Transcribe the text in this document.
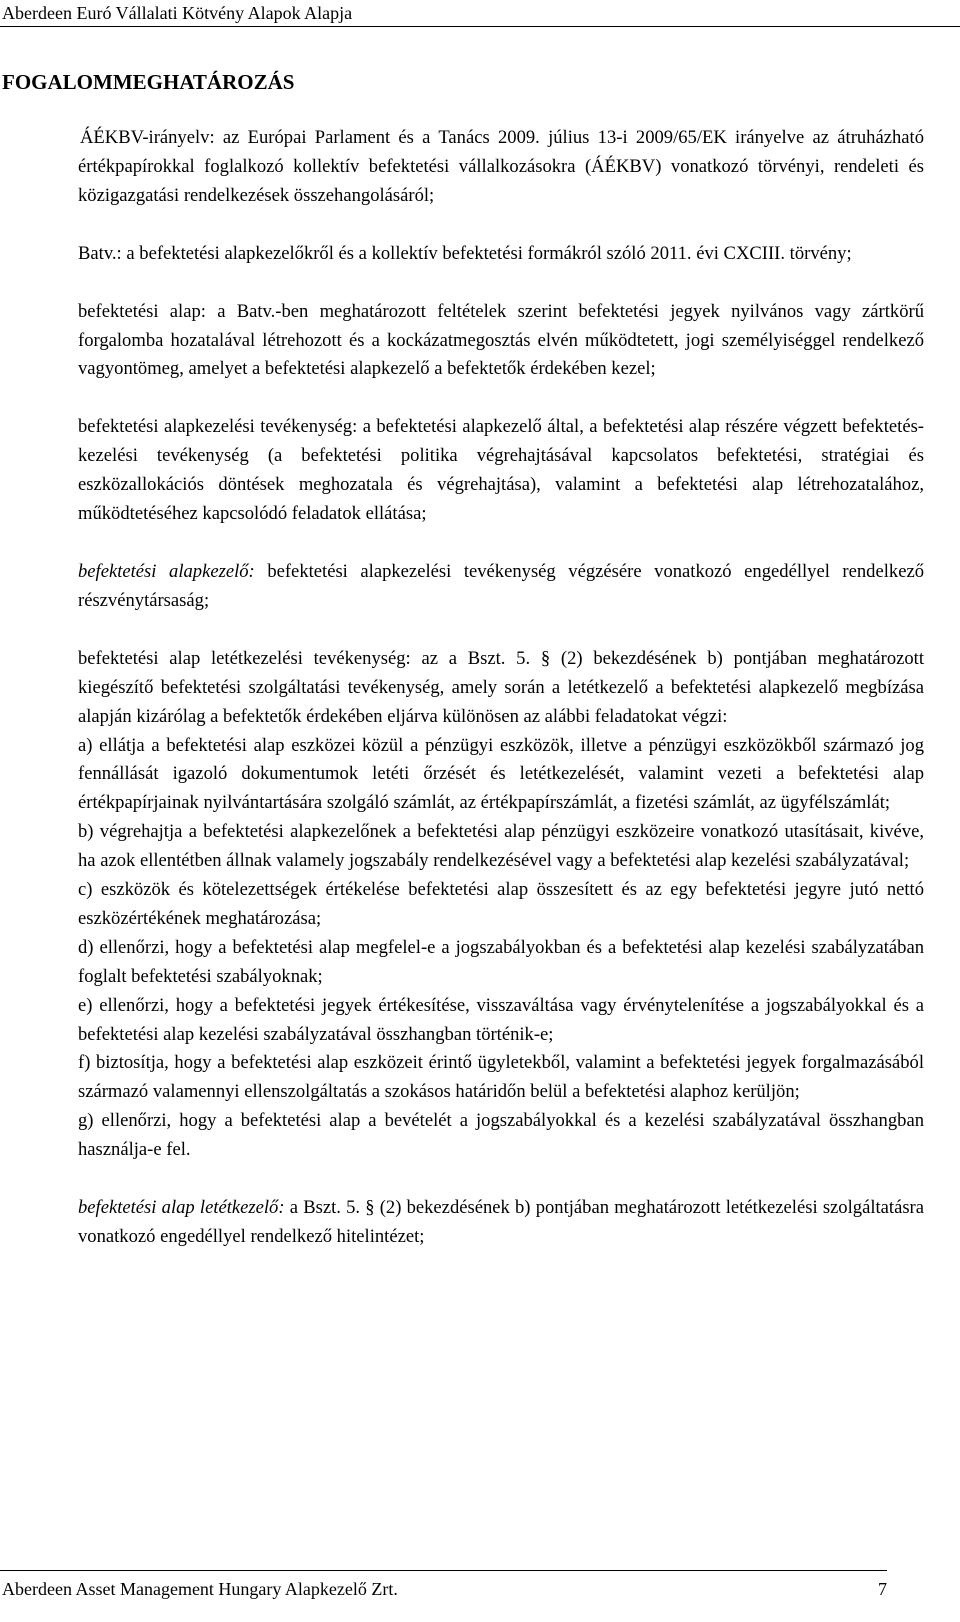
Aberdeen Euró Vállalati Kötvény Alapok Alapja
FOGALOMMEGHATÁROZÁS

ÁÉKBV-irányelv: az Európai Parlament és a Tanács 2009. július 13-i 2009/65/EK irányelve az átruházható értékpapírokkal foglalkozó kollektív befektetési vállalkozásokra (ÁÉKBV) vonatkozó törvényi, rendeleti és közigazgatási rendelkezések összehangolásáról;

Batv.: a befektetési alapkezelőkről és a kollektív befektetési formákról szóló 2011. évi CXCIII. törvény;

befektetési alap: a Batv.-ben meghatározott feltételek szerint befektetési jegyek nyilvános vagy zártkörű forgalomba hozatalával létrehozott és a kockázatmegosztás elvén működtetett, jogi személyiséggel rendelkező vagyontömeg, amelyet a befektetési alapkezelő a befektetők érdekében kezel;

befektetési alapkezelési tevékenység: a befektetési alapkezelő által, a befektetési alap részére végzett befektetés-kezelési tevékenység (a befektetési politika végrehajtásával kapcsolatos befektetési, stratégiai és eszközallokációs döntések meghozatala és végrehajtása), valamint a befektetési alap létrehozatalához, működtetéséhez kapcsolódó feladatok ellátása;

befektetési alapkezelő: befektetési alapkezelési tevékenység végzésére vonatkozó engedéllyel rendelkező részvénytársaság;

befektetési alap letétkezelési tevékenység: az a Bszt. 5. § (2) bekezdésének b) pontjában meghatározott kiegészítő befektetési szolgáltatási tevékenység, amely során a letétkezelő a befektetési alapkezelő megbízása alapján kizárólag a befektetők érdekében eljárva különösen az alábbi feladatokat végzi:

a) ellátja a befektetési alap eszközei közül a pénzügyi eszközök, illetve a pénzügyi eszközökből származó jog fennállását igazoló dokumentumok letéti őrzését és letétkezelését, valamint vezeti a befektetési alap értékpapírjainak nyilvántartására szolgáló számlát, az értékpapírszámlát, a fizetési számlát, az ügyfélszámlát;

b) végrehajtja a befektetési alapkezelőnek a befektetési alap pénzügyi eszközeire vonatkozó utasításait, kivéve, ha azok ellentétben állnak valamely jogszabály rendelkezésével vagy a befektetési alap kezelési szabályzatával;

c) eszközök és kötelezettségek értékelése befektetési alap összesített és az egy befektetési jegyre jutó nettó eszközértékének meghatározása;

d) ellenőrzi, hogy a befektetési alap megfelel-e a jogszabályokban és a befektetési alap kezelési szabályzatában foglalt befektetési szabályoknak;

e) ellenőrzi, hogy a befektetési jegyek értékesítése, visszaváltása vagy érvénytelenítése a jogszabályokkal és a befektetési alap kezelési szabályzatával összhangban történik-e;

f) biztosítja, hogy a befektetési alap eszközeit érintő ügyletekből, valamint a befektetési jegyek forgalmazásából származó valamennyi ellenszolgáltatás a szokásos határidőn belül a befektetési alaphoz kerüljön;

g) ellenőrzi, hogy a befektetési alap a bevételét a jogszabályokkal és a kezelési szabályzatával összhangban használja-e fel.

befektetési alap letétkezelő: a Bszt. 5. § (2) bekezdésének b) pontjában meghatározott letétkezelési szolgáltatásra vonatkozó engedéllyel rendelkező hitelintézet;

Aberdeen Asset Management Hungary Alapkezelő Zrt.	7
